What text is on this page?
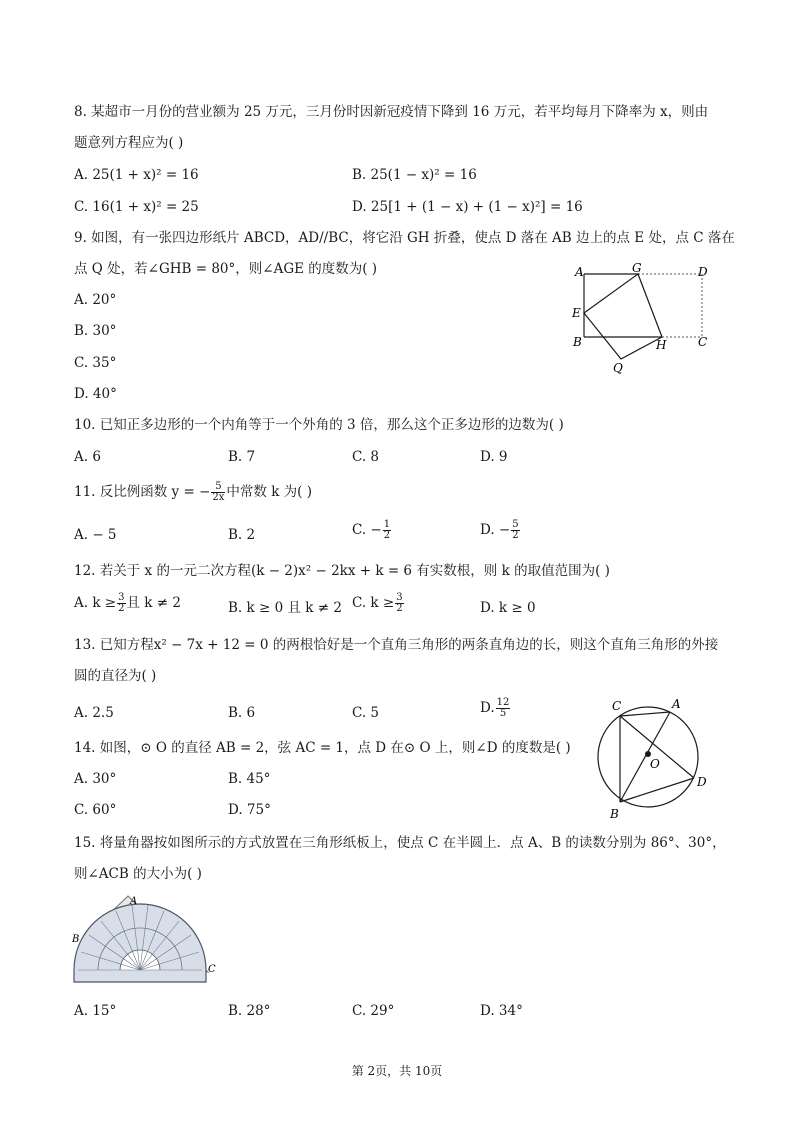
8. 某超市一月份的营业额为 25 万元，三月份时因新冠疫情下降到 16 万元，若平均每月下降率为 x，则由
题意列方程应为( )
A. 25(1 + x)² = 16	B. 25(1 − x)² = 16
C. 16(1 + x)² = 25	D. 25[1 + (1 − x) + (1 − x)²] = 16
9. 如图，有一张四边形纸片 ABCD，AD//BC，将它沿 GH 折叠，使点 D 落在 AB 边上的点 E 处，点 C 落在
点 Q 处，若∠GHB = 80°，则∠AGE 的度数为( )
A. 20°
B. 30°
C. 35°
D. 40°
A	G	D
E
B	H	C
Q
10. 已知正多边形的一个内角等于一个外角的 3 倍，那么这个正多边形的边数为( )
A. 6	B. 7	C. 8	D. 9
11. 反比例函数 y = − $\frac{5}{2x}$ 中常数 k 为( )
A. − 5	B. 2	C. − $\frac{1}{2}$	D. − $\frac{5}{2}$
12. 若关于 x 的一元二次方程(k − 2)x² − 2kx + k = 6 有实数根，则 k 的取值范围为( )
A. $k \ge \frac{3}{2}$ 且 k ≠ 2	B. k ≥ 0 且 k ≠ 2 C. $k \ge \frac{3}{2}$	D. k ≥ 0
13. 已知方程x² − 7x + 12 = 0 的两根恰好是一个直角三角形的两条直角边的长，则这个直角三角形的外接
圆的直径为( )
A. 2.5	B. 6	C. 5	D. $\frac{12}{5}$
14. 如图，⊙ O 的直径 AB = 2，弦 AC = 1，点 D 在⊙ O 上，则∠D 的度数是( )
A. 30°	B. 45°
C. 60°	D. 75°
C	A
O
D
B
15. 将量角器按如图所示的方式放置在三角形纸板上，使点 C 在半圆上．点 A、B 的读数分别为 86°、30°，
则∠ACB 的大小为( )
A
B
C
A. 15°	B. 28°	C. 29°	D. 34°
第 2页，共 10页
